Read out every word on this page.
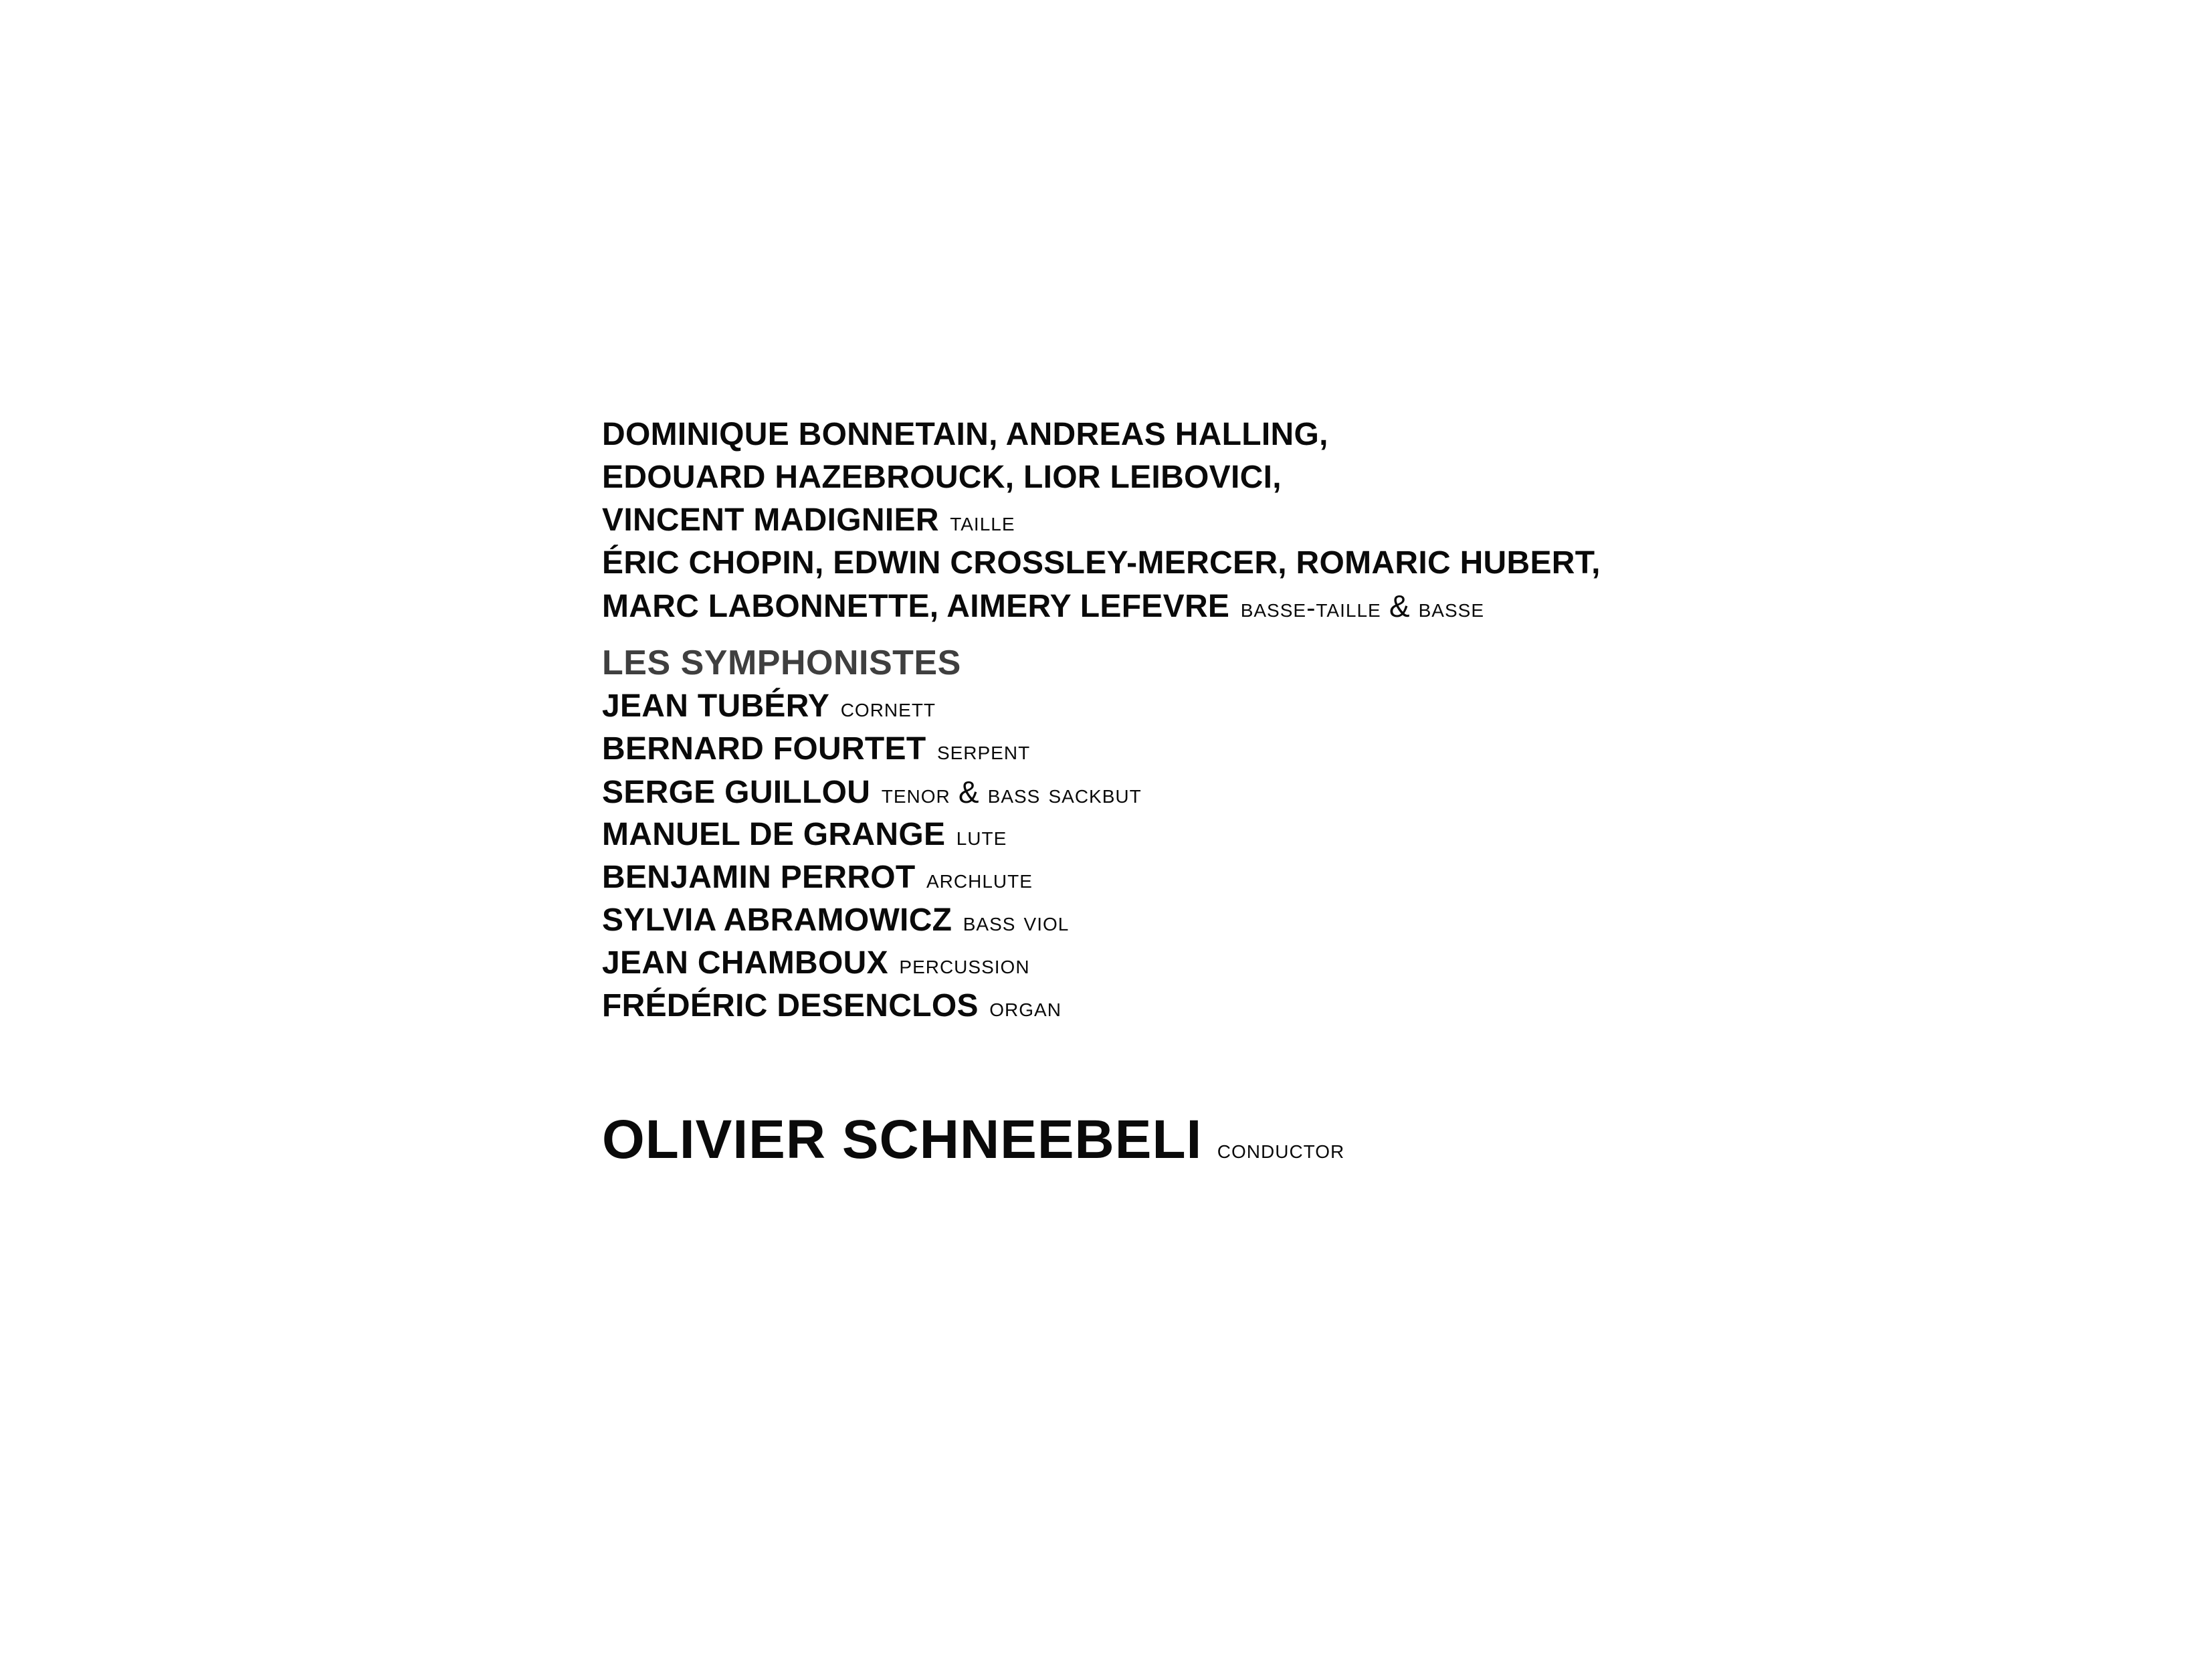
DOMINIQUE BONNETAIN, ANDREAS HALLING,
EDOUARD HAZEBROUCK, LIOR LEIBOVICI,
VINCENT MADIGNIER taille
ÉRIC CHOPIN, EDWIN CROSSLEY-MERCER, ROMARIC HUBERT,
MARC LABONNETTE, AIMERY LEFEVRE basse-taille & basse
LES SYMPHONISTES
JEAN TUBÉRY cornett
BERNARD FOURTET serpent
SERGE GUILLOU tenor & bass sackbut
MANUEL DE GRANGE lute
BENJAMIN PERROT archlute
SYLVIA ABRAMOWICZ bass viol
JEAN CHAMBOUX percussion
FRÉDÉRIC DESENCLOS organ
OLIVIER SCHNEEBELI conductor
